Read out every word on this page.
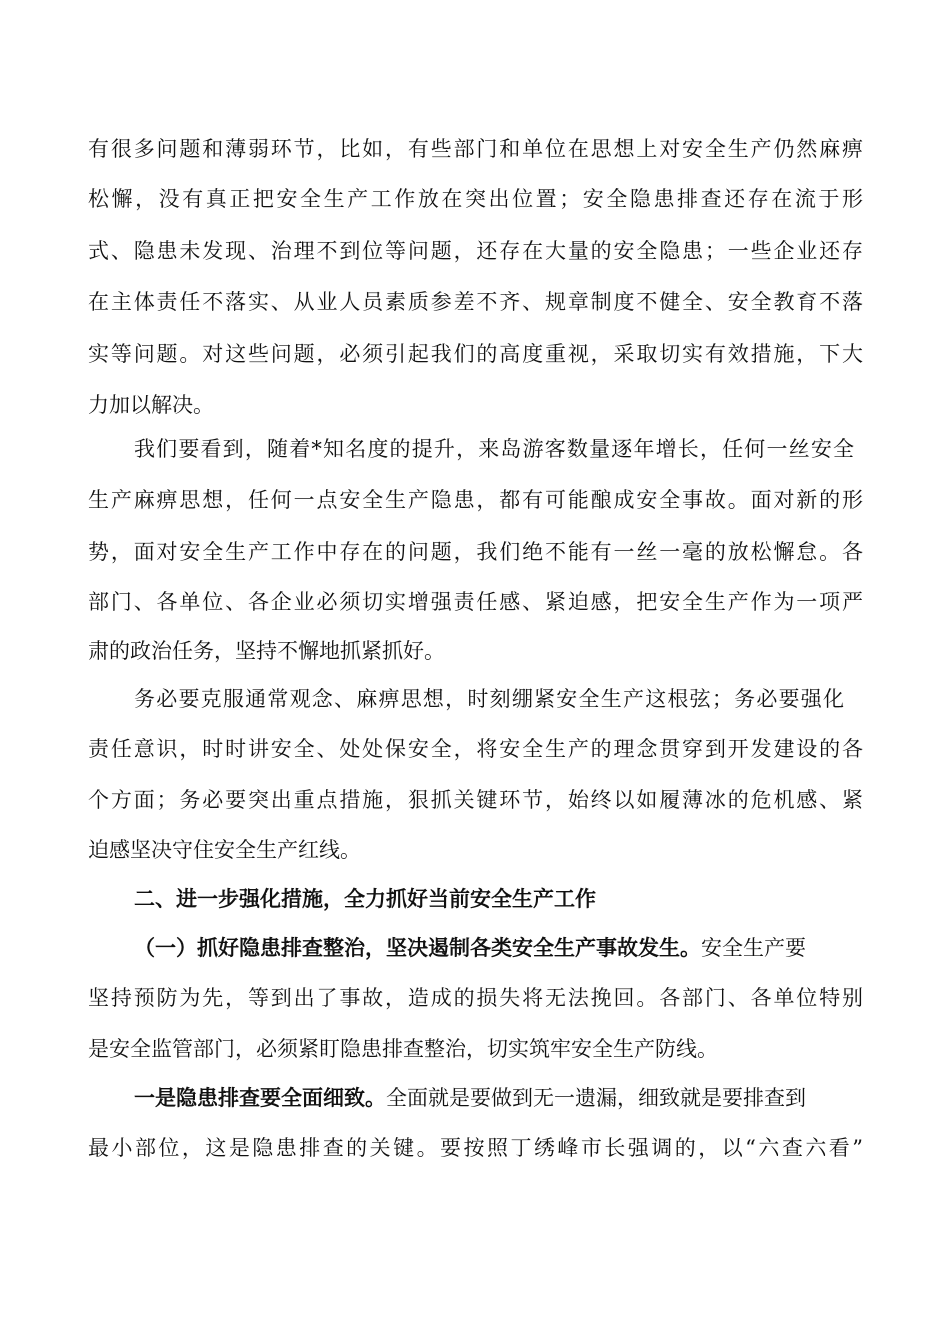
有很多问题和薄弱环节，比如，有些部门和单位在思想上对安全生产仍然麻痹
松懈，没有真正把安全生产工作放在突出位置；安全隐患排查还存在流于形
式、隐患未发现、治理不到位等问题，还存在大量的安全隐患；一些企业还存
在主体责任不落实、从业人员素质参差不齐、规章制度不健全、安全教育不落
实等问题。对这些问题，必须引起我们的高度重视，采取切实有效措施，下大
力加以解决。
我们要看到，随着*知名度的提升，来岛游客数量逐年增长，任何一丝安全
生产麻痹思想，任何一点安全生产隐患，都有可能酿成安全事故。面对新的形
势，面对安全生产工作中存在的问题，我们绝不能有一丝一毫的放松懈怠。各
部门、各单位、各企业必须切实增强责任感、紧迫感，把安全生产作为一项严
肃的政治任务，坚持不懈地抓紧抓好。
务必要克服通常观念、麻痹思想，时刻绷紧安全生产这根弦；务必要强化
责任意识，时时讲安全、处处保安全，将安全生产的理念贯穿到开发建设的各
个方面；务必要突出重点措施，狠抓关键环节，始终以如履薄冰的危机感、紧
迫感坚决守住安全生产红线。
二、进一步强化措施，全力抓好当前安全生产工作
（一）抓好隐患排查整治，坚决遏制各类安全生产事故发生。安全生产要
坚持预防为先，等到出了事故，造成的损失将无法挽回。各部门、各单位特别
是安全监管部门，必须紧盯隐患排查整治，切实筑牢安全生产防线。
一是隐患排查要全面细致。全面就是要做到无一遗漏，细致就是要排查到
最小部位，这是隐患排查的关键。要按照丁绣峰市长强调的，以“六查六看”
